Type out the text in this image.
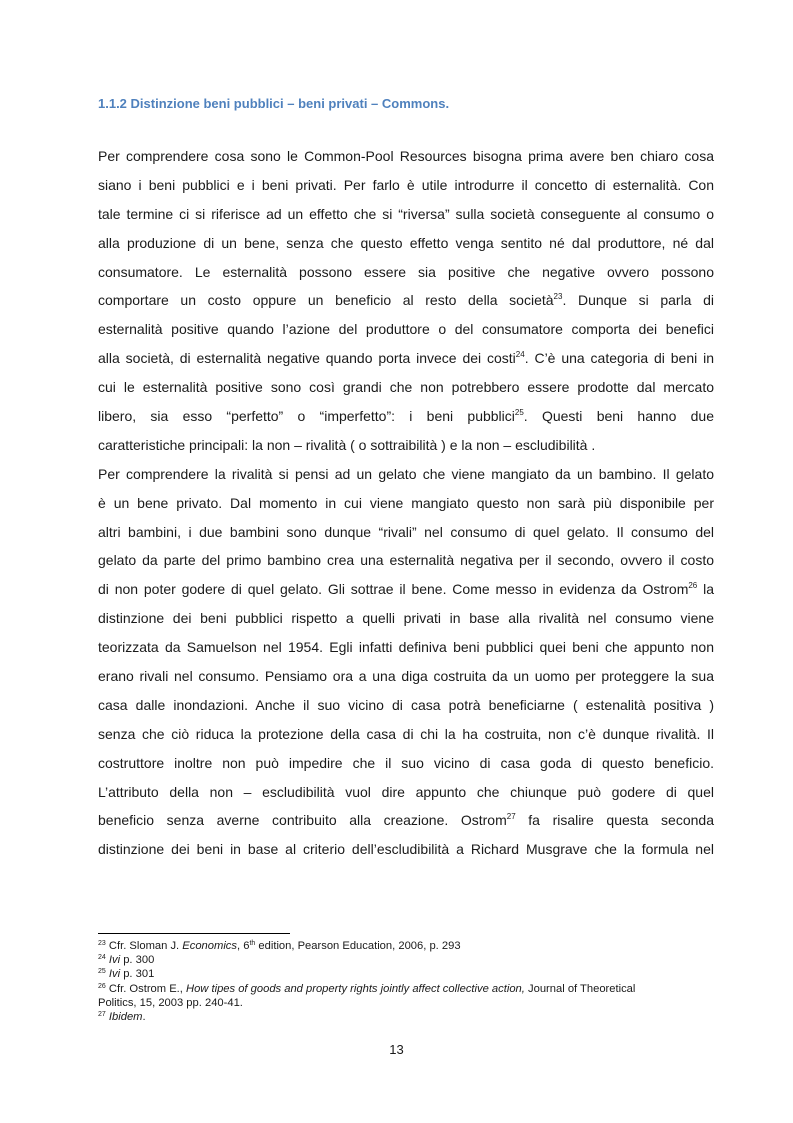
1.1.2 Distinzione beni pubblici – beni privati – Commons.
Per comprendere cosa sono le Common-Pool Resources bisogna prima avere ben chiaro cosa
siano i beni pubblici e i beni privati. Per farlo è utile introdurre il concetto di esternalità. Con
tale termine ci si riferisce ad un effetto che si “riversa” sulla società conseguente al consumo o
alla produzione di un bene, senza che questo effetto venga sentito né dal produttore, né dal
consumatore. Le esternalità possono essere sia positive che negative ovvero possono
comportare un costo oppure un beneficio al resto della società$^{23}$. Dunque si parla di
esternalità positive quando l’azione del produttore o del consumatore comporta dei benefici
alla società, di esternalità negative quando porta invece dei costi$^{24}$. C’è una categoria di beni in
cui le esternalità positive sono così grandi che non potrebbero essere prodotte dal mercato
libero, sia esso “perfetto” o “imperfetto”: i beni pubblici$^{25}$. Questi beni hanno due
caratteristiche principali: la non – rivalità ( o sottraibilità ) e la non – escludibilità .
Per comprendere la rivalità si pensi ad un gelato che viene mangiato da un bambino. Il gelato
è un bene privato. Dal momento in cui viene mangiato questo non sarà più disponibile per
altri bambini, i due bambini sono dunque “rivali” nel consumo di quel gelato. Il consumo del
gelato da parte del primo bambino crea una esternalità negativa per il secondo, ovvero il costo
di non poter godere di quel gelato. Gli sottrae il bene. Come messo in evidenza da Ostrom$^{26}$ la
distinzione dei beni pubblici rispetto a quelli privati in base alla rivalità nel consumo viene
teorizzata da Samuelson nel 1954. Egli infatti definiva beni pubblici quei beni che appunto non
erano rivali nel consumo. Pensiamo ora a una diga costruita da un uomo per proteggere la sua
casa dalle inondazioni. Anche il suo vicino di casa potrà beneficiarne ( estenalità positiva )
senza che ciò riduca la protezione della casa di chi la ha costruita, non c’è dunque rivalità. Il
costruttore inoltre non può impedire che il suo vicino di casa goda di questo beneficio.
L’attributo della non – escludibilità vuol dire appunto che chiunque può godere di quel
beneficio senza averne contribuito alla creazione. Ostrom$^{27}$ fa risalire questa seconda
distinzione dei beni in base al criterio dell’escludibilità a Richard Musgrave che la formula nel
$^{23}$ Cfr. Sloman J. Economics, 6th edition, Pearson Education, 2006, p. 293
$^{24}$ Ivi p. 300
$^{25}$ Ivi p. 301
$^{26}$ Cfr. Ostrom E., How tipes of goods and property rights jointly affect collective action, Journal of Theoretical
Politics, 15, 2003 pp. 240-41.
$^{27}$ Ibidem.
13
